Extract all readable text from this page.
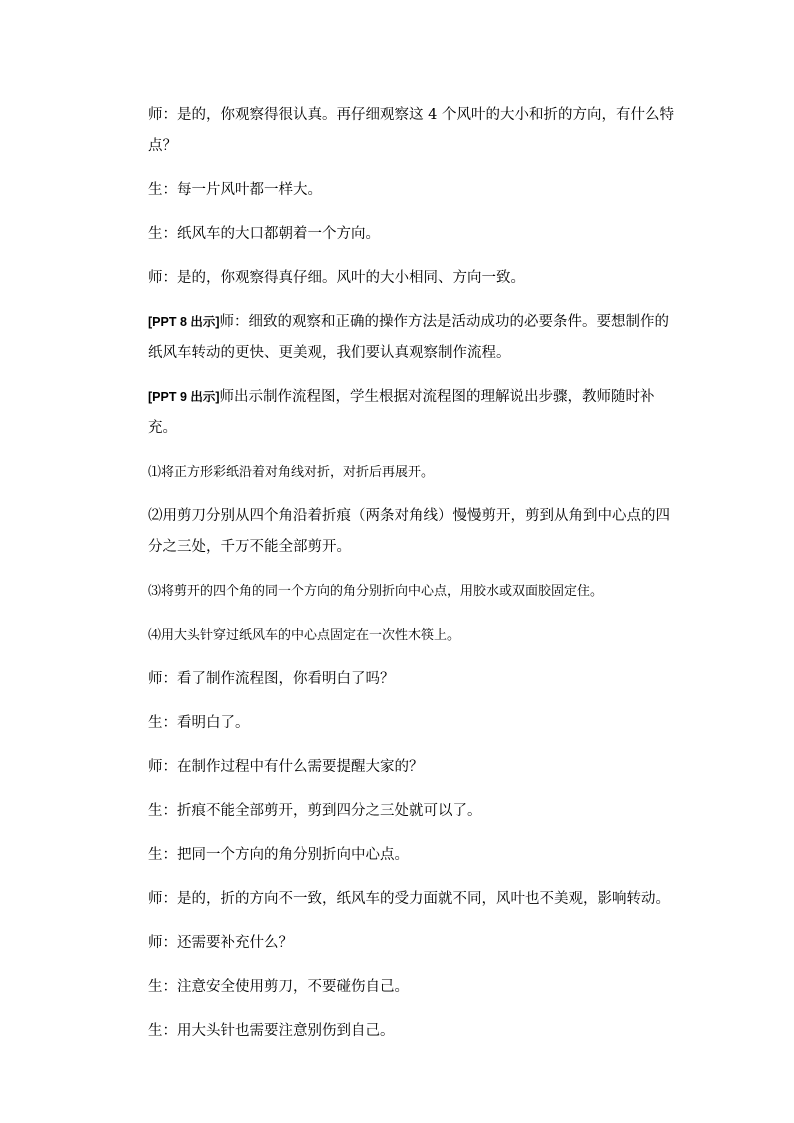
师：是的，你观察得很认真。再仔细观察这 4 个风叶的大小和折的方向，有什么特点？

生：每一片风叶都一样大。

生：纸风车的大口都朝着一个方向。

师：是的，你观察得真仔细。风叶的大小相同、方向一致。

[PPT 8 出示]师：细致的观察和正确的操作方法是活动成功的必要条件。要想制作的纸风车转动的更快、更美观，我们要认真观察制作流程。

[PPT 9 出示]师出示制作流程图，学生根据对流程图的理解说出步骤，教师随时补充。

⑴将正方形彩纸沿着对角线对折，对折后再展开。

⑵用剪刀分别从四个角沿着折痕（两条对角线）慢慢剪开，剪到从角到中心点的四分之三处，千万不能全部剪开。

⑶将剪开的四个角的同一个方向的角分别折向中心点，用胶水或双面胶固定住。

⑷用大头针穿过纸风车的中心点固定在一次性木筷上。

师：看了制作流程图，你看明白了吗？

生：看明白了。

师：在制作过程中有什么需要提醒大家的？

生：折痕不能全部剪开，剪到四分之三处就可以了。

生：把同一个方向的角分别折向中心点。

师：是的，折的方向不一致，纸风车的受力面就不同，风叶也不美观，影响转动。

师：还需要补充什么？

生：注意安全使用剪刀，不要碰伤自己。

生：用大头针也需要注意别伤到自己。
